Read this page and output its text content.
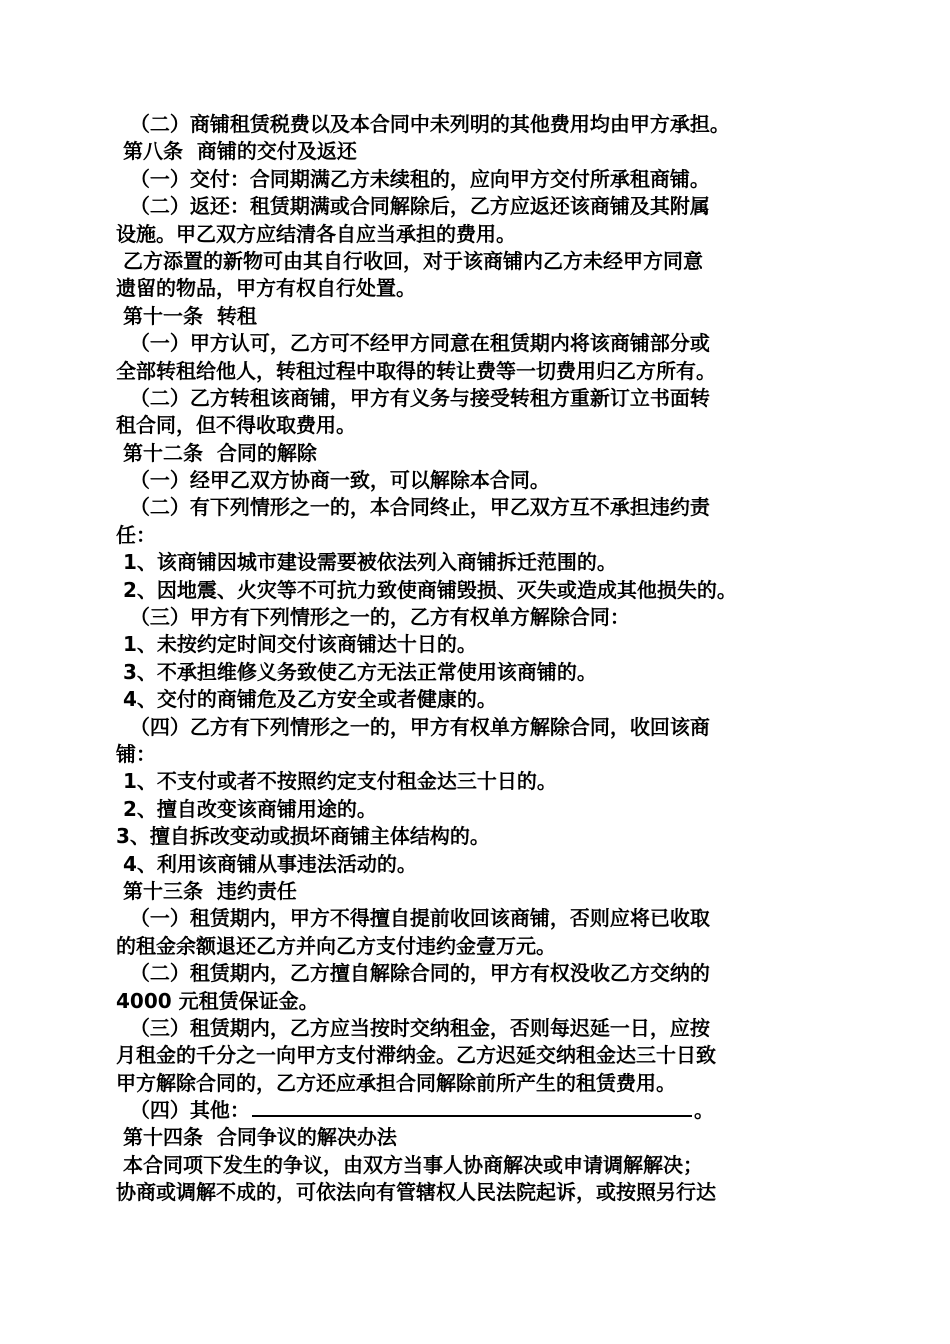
（二）商铺租赁税费以及本合同中未列明的其他费用均由甲方承担。
第八条  商铺的交付及返还
（一）交付：合同期满乙方未续租的，应向甲方交付所承租商铺。
（二）返还：租赁期满或合同解除后，乙方应返还该商铺及其附属
设施。甲乙双方应结清各自应当承担的费用。
乙方添置的新物可由其自行收回，对于该商铺内乙方未经甲方同意
遗留的物品，甲方有权自行处置。
第十一条  转租
（一）甲方认可，乙方可不经甲方同意在租赁期内将该商铺部分或
全部转租给他人，转租过程中取得的转让费等一切费用归乙方所有。
（二）乙方转租该商铺，甲方有义务与接受转租方重新订立书面转
租合同，但不得收取费用。
第十二条  合同的解除
（一）经甲乙双方协商一致，可以解除本合同。
（二）有下列情形之一的，本合同终止，甲乙双方互不承担违约责
任：
1、该商铺因城市建设需要被依法列入商铺拆迁范围的。
2、因地震、火灾等不可抗力致使商铺毁损、灭失或造成其他损失的。
（三）甲方有下列情形之一的，乙方有权单方解除合同：
1、未按约定时间交付该商铺达十日的。
3、不承担维修义务致使乙方无法正常使用该商铺的。
4、交付的商铺危及乙方安全或者健康的。
（四）乙方有下列情形之一的，甲方有权单方解除合同，收回该商
铺：
1、不支付或者不按照约定支付租金达三十日的。
2、擅自改变该商铺用途的。
3、擅自拆改变动或损坏商铺主体结构的。
4、利用该商铺从事违法活动的。
第十三条  违约责任
（一）租赁期内，甲方不得擅自提前收回该商铺，否则应将已收取
的租金余额退还乙方并向乙方支付违约金壹万元。
（二）租赁期内，乙方擅自解除合同的，甲方有权没收乙方交纳的
4000 元租赁保证金。
（三）租赁期内，乙方应当按时交纳租金，否则每迟延一日，应按
月租金的千分之一向甲方支付滞纳金。乙方迟延交纳租金达三十日致
甲方解除合同的，乙方还应承担合同解除前所产生的租赁费用。
（四）其他：	。
第十四条  合同争议的解决办法
本合同项下发生的争议，由双方当事人协商解决或申请调解解决；
协商或调解不成的，可依法向有管辖权人民法院起诉，或按照另行达
